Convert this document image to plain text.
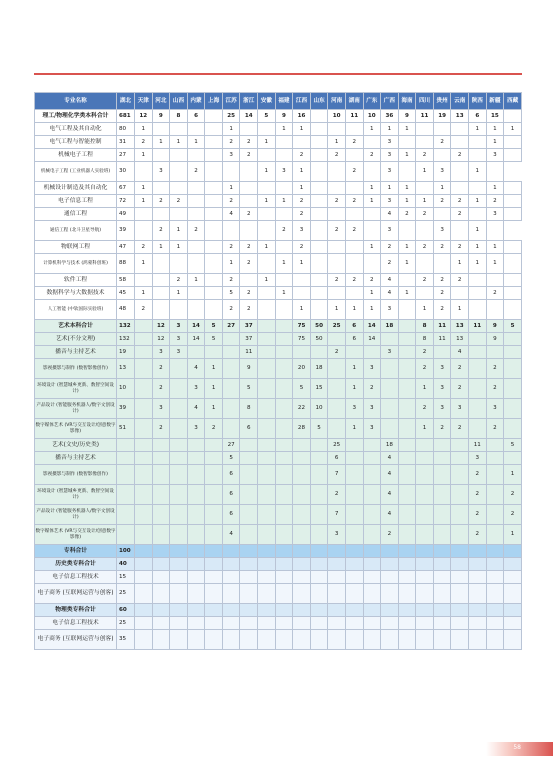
专业名称	湖北	天津	河北	山西	内蒙	上海	江苏	浙江	安徽	福建	江西	山东	河南	湖南	广东	广西	海南	四川	贵州	云南	陕西	新疆	西藏
理工/物理化学类本科合计	681	12	9	8	6		25	14	5	9	16		10	11	10	36	9	11	19	13	6	15	
电气工程及其自动化	80	1					1			1	1				1	1	1				1	1	1
电气工程与智能控制	31	2	1	1	1		2	2	1				1	2		3			2			1	
机械电子工程	27	1					3	2			2		2		2	3	1	2		2		3	
机械电子工程 (工业机器人实验班)	30		3		2				1	3	1			2		3		1	3		1		
机械设计制造及其自动化	67	1					1				1				1	1	1		1			1	
电子信息工程	72	1	2	2			2		1	1	2		2	2	1	3	1	1	2	2	1	2	
通信工程	49						4	2			2					4	2	2		2		3	
通信工程 (北斗卫星导航)	39		2	1	2					2	3		2	2		3			3		1		
物联网工程	47	2	1	1			2	2	1		2				1	2	1	2	2	2	1	1	
计算机科学与技术 (鸿蒙科创班)	88	1					1	2		1	1					2	1			1	1	1	
软件工程	58			2	1		2		1				2	2	2	4		2	2	2			
数据科学与大数据技术	45	1		1			5	2		1					1	4	1		2			2	
人工智能 (中软国际实验班)	48	2					2	2			1		1	1	1	3		1	2	1			
艺术本科合计	132		12	3	14	5	27	37			75	50	25	6	14	18		8	11	13	11	9	5
艺术(不分文理)	132		12	3	14	5		37			75	50		6	14			8	11	13		9	
播音与主持艺术	19		3	3				11					2			3		2		4			
影视摄影与制作 (数智影像创作)	13		2		4	1		9			20	18		1	3			2	3	2		2	
环境设计 (智慧城乡更新、数智空间设计)	10		2		3	1		5			5	15		1	2			1	3	2		2	
产品设计 (智能服务机器人/数字文创设计)	39		3		4	1		8			22	10		3	3			2	3	3		3	
数字媒体艺术 (VR与交互设计/创意数字影像)	51		2		3	2		6			28	5		1	3			1	2	2		2	
艺术(文史/历史类)							27						25			18					11		5
播音与主持艺术							5						6			4					3		
影视摄影与制作 (数智影像创作)							6						7			4					2		1
环境设计 (智慧城乡更新、数智空间设计)							6						2			4					2		2
产品设计 (智能服务机器人/数字文创设计)							6						7			4					2		2
数字媒体艺术 (VR与交互设计/创意数字影像)							4						3			2					2		1
专科合计	100																						
历史类专科合计	40																						
电子信息工程技术	15																						
电子商务 (互联网运营与创客)	25																						
物理类专科合计	60																						
电子信息工程技术	25																						
电子商务 (互联网运营与创客)	35																						
58
